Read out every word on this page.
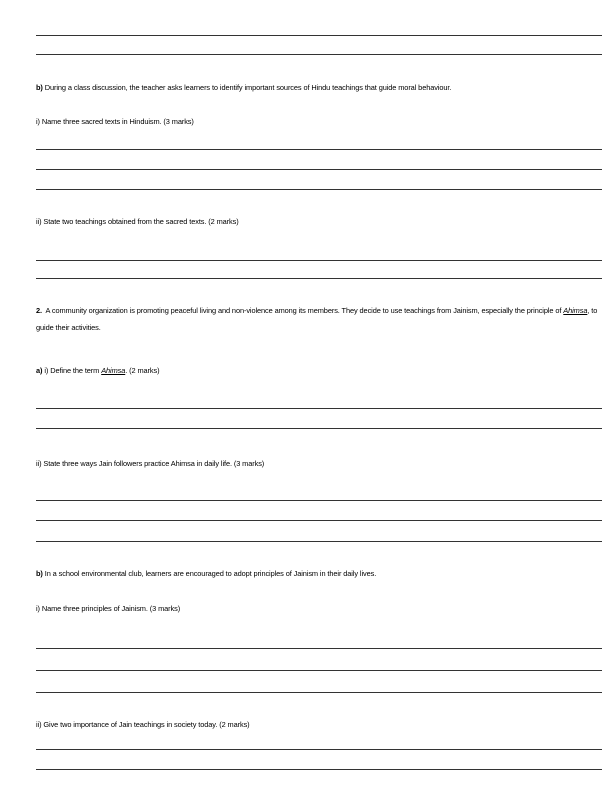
b) During a class discussion, the teacher asks learners to identify important sources of Hindu teachings that guide moral behaviour.
i) Name three sacred texts in Hinduism. (3 marks)
ii) State two teachings obtained from the sacred texts. (2 marks)
2. A community organization is promoting peaceful living and non-violence among its members. They decide to use teachings from Jainism, especially the principle of Ahimsa, to guide their activities.
a) i) Define the term Ahimsa. (2 marks)
ii) State three ways Jain followers practice Ahimsa in daily life. (3 marks)
b) In a school environmental club, learners are encouraged to adopt principles of Jainism in their daily lives.
i) Name three principles of Jainism. (3 marks)
ii) Give two importance of Jain teachings in society today. (2 marks)
